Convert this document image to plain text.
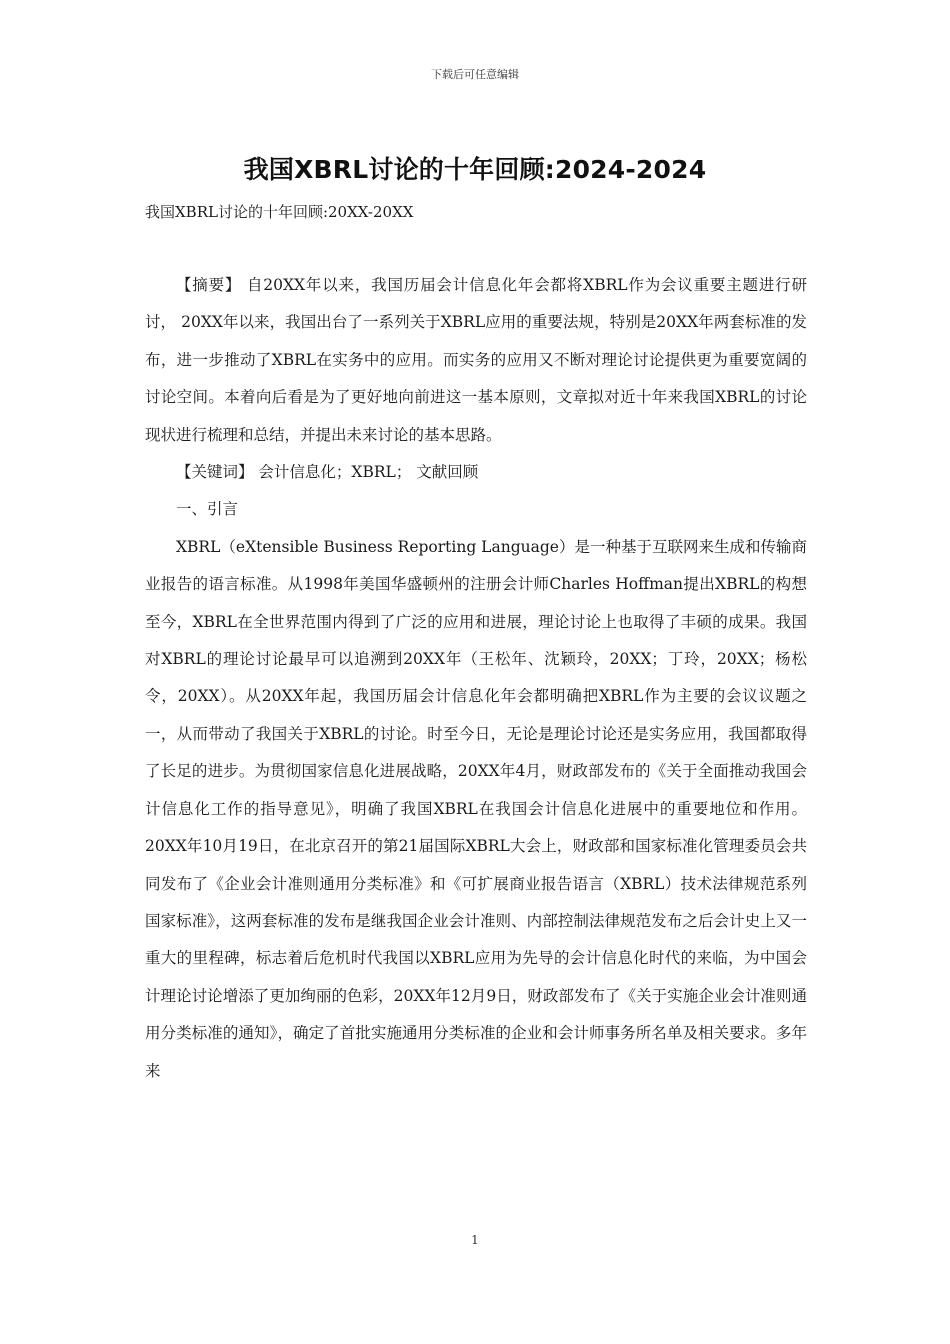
下载后可任意编辑
我国XBRL讨论的十年回顾:2024-2024
我国XBRL讨论的十年回顾:20XX-20XX

【摘要】 自20XX年以来，我国历届会计信息化年会都将XBRL作为会议重要主题进行研讨， 20XX年以来，我国出台了一系列关于XBRL应用的重要法规，特别是20XX年两套标准的发布，进一步推动了XBRL在实务中的应用。而实务的应用又不断对理论讨论提供更为重要宽阔的讨论空间。本着向后看是为了更好地向前进这一基本原则，文章拟对近十年来我国XBRL的讨论现状进行梳理和总结，并提出未来讨论的基本思路。

【关键词】 会计信息化；XBRL； 文献回顾

一、引言

XBRL（eXtensible Business Reporting Language）是一种基于互联网来生成和传输商业报告的语言标准。从1998年美国华盛顿州的注册会计师Charles Hoffman提出XBRL的构想至今，XBRL在全世界范围内得到了广泛的应用和进展，理论讨论上也取得了丰硕的成果。我国对XBRL的理论讨论最早可以追溯到20XX年（王松年、沈颖玲，20XX；丁玲，20XX；杨松令，20XX）。从20XX年起，我国历届会计信息化年会都明确把XBRL作为主要的会议议题之一，从而带动了我国关于XBRL的讨论。时至今日，无论是理论讨论还是实务应用，我国都取得了长足的进步。为贯彻国家信息化进展战略，20XX年4月，财政部发布的《关于全面推动我国会计信息化工作的指导意见》，明确了我国XBRL在我国会计信息化进展中的重要地位和作用。20XX年10月19日，在北京召开的第21届国际XBRL大会上，财政部和国家标准化管理委员会共同发布了《企业会计准则通用分类标准》和《可扩展商业报告语言（XBRL）技术法律规范系列国家标准》，这两套标准的发布是继我国企业会计准则、内部控制法律规范发布之后会计史上又一重大的里程碑，标志着后危机时代我国以XBRL应用为先导的会计信息化时代的来临，为中国会计理论讨论增添了更加绚丽的色彩，20XX年12月9日，财政部发布了《关于实施企业会计准则通用分类标准的通知》，确定了首批实施通用分类标准的企业和会计师事务所名单及相关要求。多年来

1
